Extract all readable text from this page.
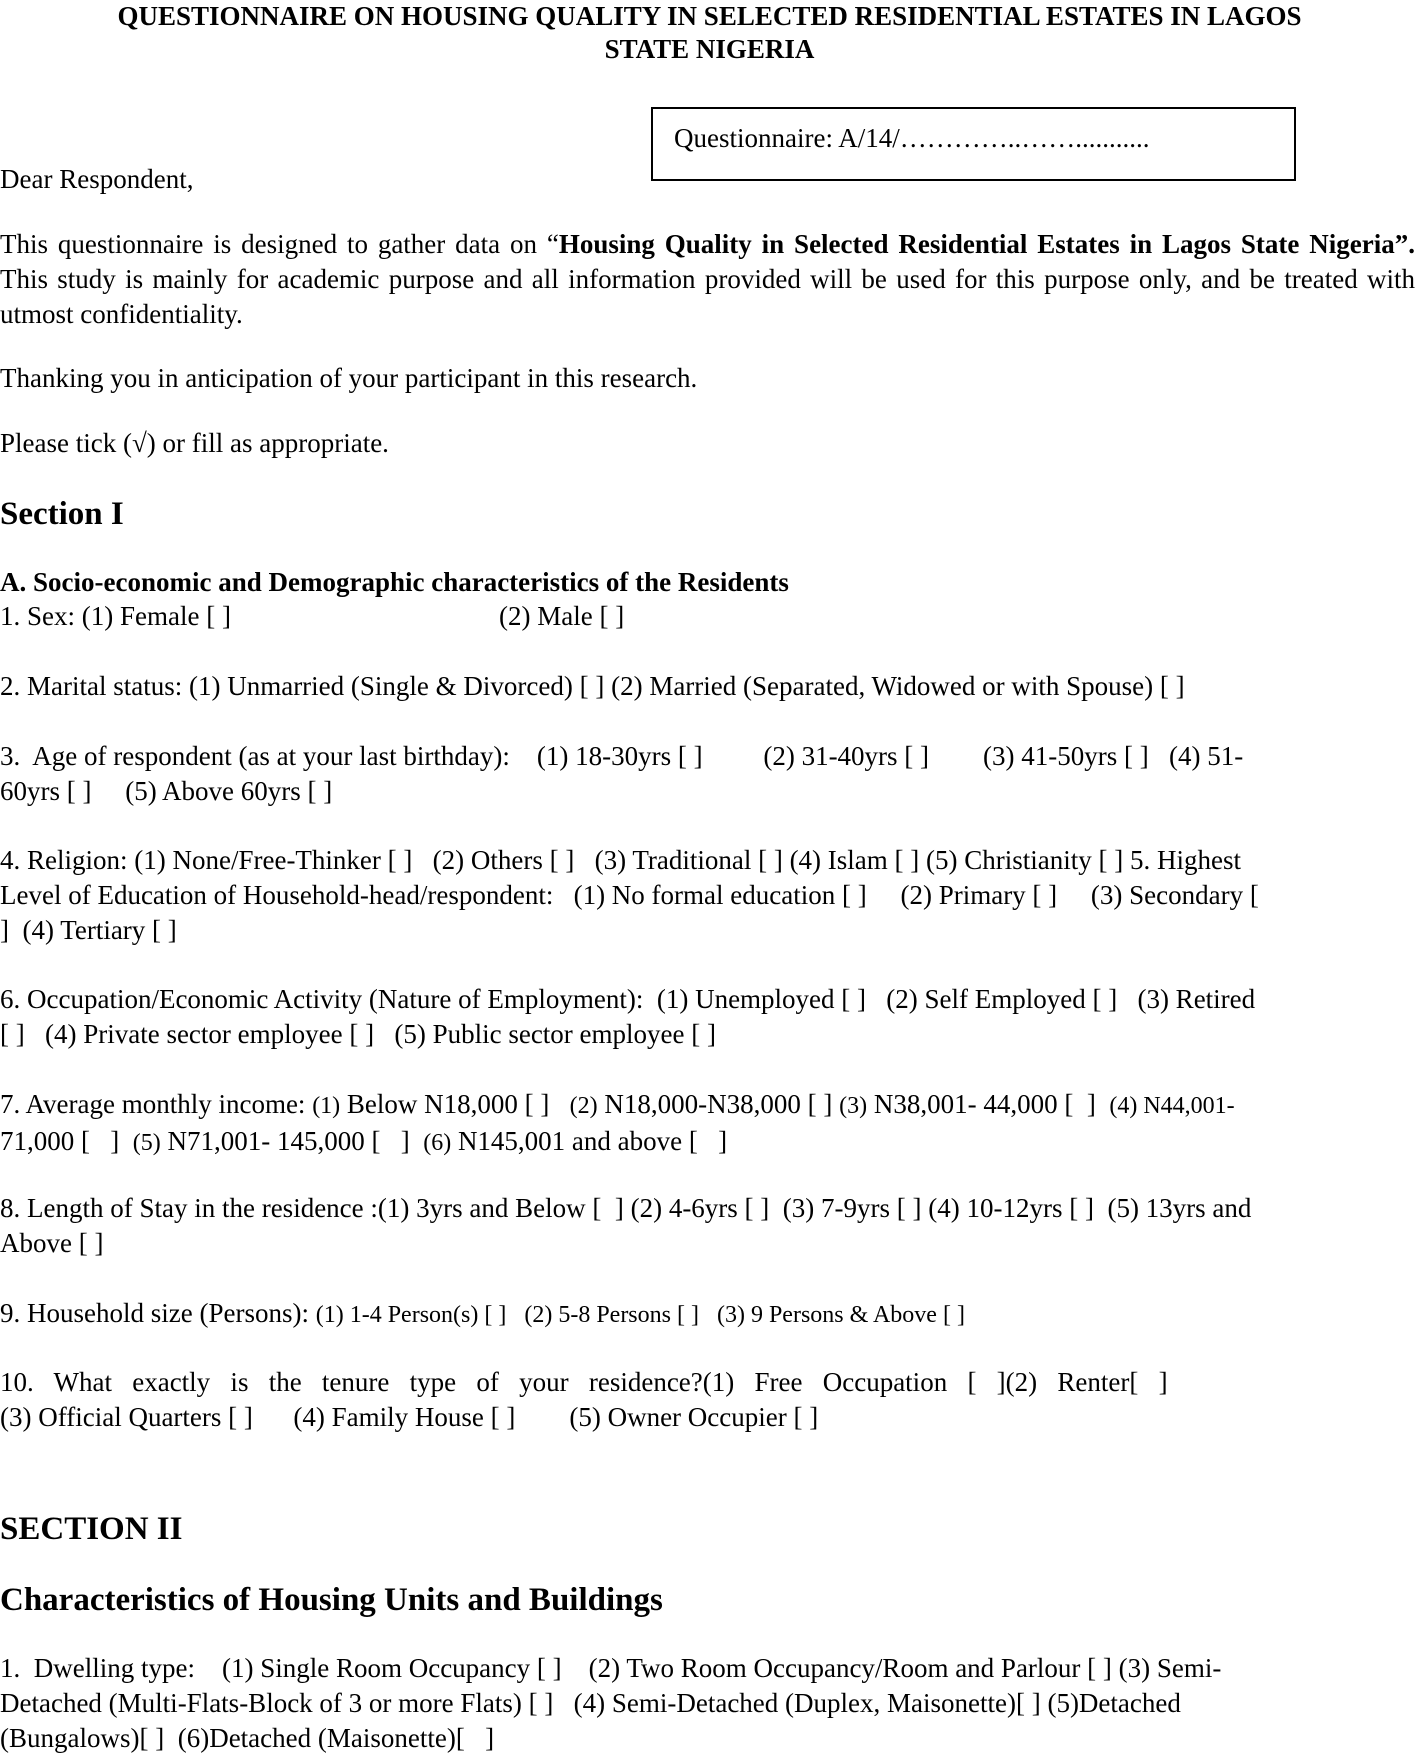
QUESTIONNAIRE ON HOUSING QUALITY IN SELECTED RESIDENTIAL ESTATES IN LAGOS
STATE NIGERIA

Questionnaire: A/14/…………..……...........

Dear Respondent,

This questionnaire is designed to gather data on “Housing Quality in Selected Residential Estates in Lagos State Nigeria”. This study is mainly for academic purpose and all information provided will be used for this purpose only, and be treated with utmost confidentiality.

Thanking you in anticipation of your participant in this research.

Please tick (√) or fill as appropriate.

Section I

A. Socio-economic and Demographic characteristics of the Residents

1. Sex: (1) Female [ ]	(2) Male [ ]

2. Marital status: (1) Unmarried (Single & Divorced) [ ] (2) Married (Separated, Widowed or with Spouse) [ ]

3.  Age of respondent (as at your last birthday):    (1) 18-30yrs [ ]         (2) 31-40yrs [ ]        (3) 41-50yrs [ ]   (4) 51-
60yrs [ ]     (5) Above 60yrs [ ]

4. Religion: (1) None/Free-Thinker [ ]   (2) Others [ ]   (3) Traditional [ ] (4) Islam [ ] (5) Christianity [ ] 5. Highest
Level of Education of Household-head/respondent:   (1) No formal education [ ]     (2) Primary [ ]     (3) Secondary [
]  (4) Tertiary [ ]

6. Occupation/Economic Activity (Nature of Employment):  (1) Unemployed [ ]   (2) Self Employed [ ]   (3) Retired
[ ]   (4) Private sector employee [ ]   (5) Public sector employee [ ]

7. Average monthly income: (1) Below N18,000 [ ]   (2) N18,000-N38,000 [ ] (3) N38,001- 44,000 [  ]  (4) N44,001-
71,000 [   ]  (5) N71,001- 145,000 [   ]  (6) N145,001 and above [   ]

8. Length of Stay in the residence :(1) 3yrs and Below [  ] (2) 4-6yrs [ ]  (3) 7-9yrs [ ] (4) 10-12yrs [ ]  (5) 13yrs and
Above [ ]

9. Household size (Persons): (1) 1-4 Person(s) [ ]   (2) 5-8 Persons [ ]   (3) 9 Persons & Above [ ]

10.   What   exactly   is   the   tenure   type   of   your   residence?(1)   Free   Occupation   [   ](2)   Renter[   ]
(3) Official Quarters [ ]      (4) Family House [ ]        (5) Owner Occupier [ ]

SECTION II

Characteristics of Housing Units and Buildings

1.  Dwelling type:    (1) Single Room Occupancy [ ]    (2) Two Room Occupancy/Room and Parlour [ ] (3) Semi-
Detached (Multi-Flats-Block of 3 or more Flats) [ ]   (4) Semi-Detached (Duplex, Maisonette)[ ] (5)Detached
(Bungalows)[ ]  (6)Detached (Maisonette)[   ]
